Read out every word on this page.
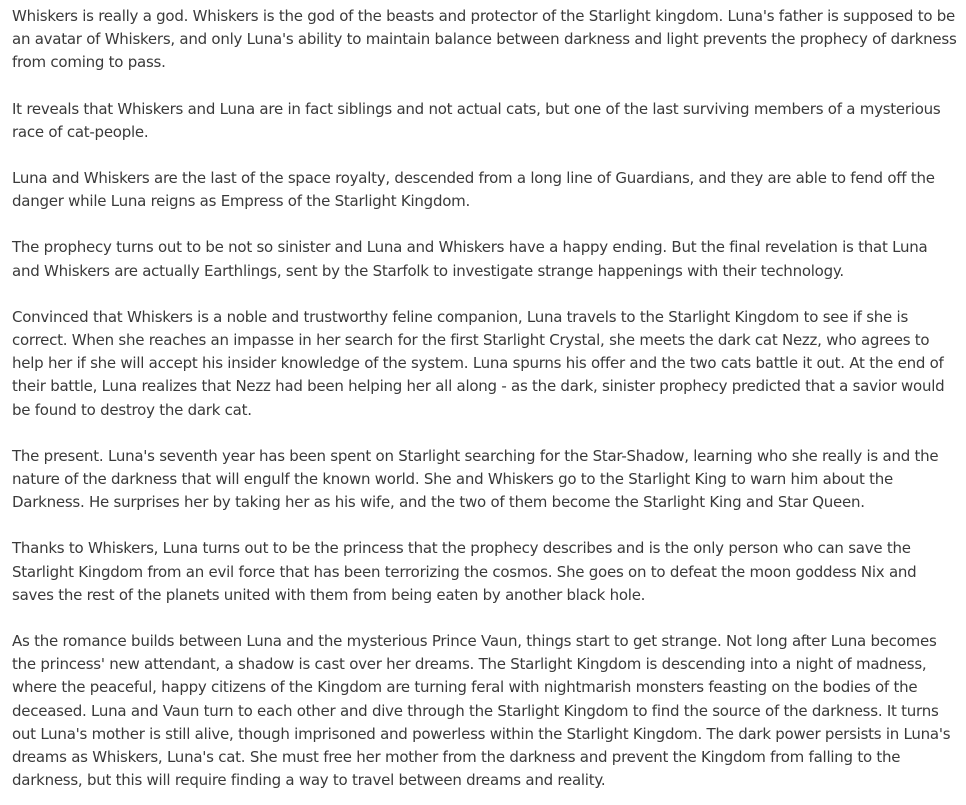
Whiskers is really a god. Whiskers is the god of the beasts and protector of the Starlight kingdom. Luna's father is supposed to be an avatar of Whiskers, and only Luna's ability to maintain balance between darkness and light prevents the prophecy of darkness from coming to pass.

It reveals that Whiskers and Luna are in fact siblings and not actual cats, but one of the last surviving members of a mysterious race of cat-people.

Luna and Whiskers are the last of the space royalty, descended from a long line of Guardians, and they are able to fend off the danger while Luna reigns as Empress of the Starlight Kingdom.

The prophecy turns out to be not so sinister and Luna and Whiskers have a happy ending. But the final revelation is that Luna and Whiskers are actually Earthlings, sent by the Starfolk to investigate strange happenings with their technology.

Convinced that Whiskers is a noble and trustworthy feline companion, Luna travels to the Starlight Kingdom to see if she is correct. When she reaches an impasse in her search for the first Starlight Crystal, she meets the dark cat Nezz, who agrees to help her if she will accept his insider knowledge of the system. Luna spurns his offer and the two cats battle it out. At the end of their battle, Luna realizes that Nezz had been helping her all along - as the dark, sinister prophecy predicted that a savior would be found to destroy the dark cat.

The present. Luna's seventh year has been spent on Starlight searching for the Star-Shadow, learning who she really is and the nature of the darkness that will engulf the known world. She and Whiskers go to the Starlight King to warn him about the Darkness. He surprises her by taking her as his wife, and the two of them become the Starlight King and Star Queen.

Thanks to Whiskers, Luna turns out to be the princess that the prophecy describes and is the only person who can save the Starlight Kingdom from an evil force that has been terrorizing the cosmos. She goes on to defeat the moon goddess Nix and saves the rest of the planets united with them from being eaten by another black hole.

As the romance builds between Luna and the mysterious Prince Vaun, things start to get strange. Not long after Luna becomes the princess' new attendant, a shadow is cast over her dreams. The Starlight Kingdom is descending into a night of madness, where the peaceful, happy citizens of the Kingdom are turning feral with nightmarish monsters feasting on the bodies of the deceased. Luna and Vaun turn to each other and dive through the Starlight Kingdom to find the source of the darkness. It turns out Luna's mother is still alive, though imprisoned and powerless within the Starlight Kingdom. The dark power persists in Luna's dreams as Whiskers, Luna's cat. She must free her mother from the darkness and prevent the Kingdom from falling to the darkness, but this will require finding a way to travel between dreams and reality.
